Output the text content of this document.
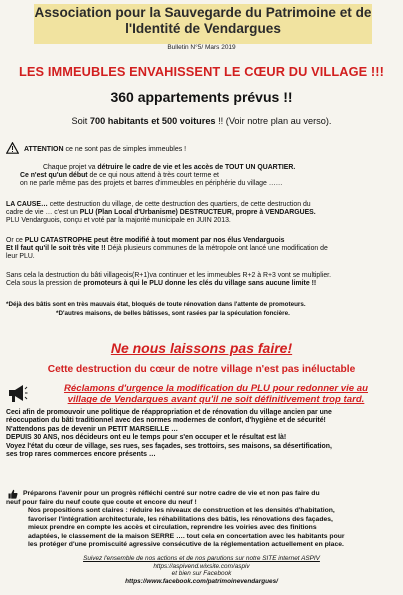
Association pour la Sauvegarde du Patrimoine et de
l'Identité de Vendargues
Bulletin N°5/ Mars 2019
LES IMMEUBLES ENVAHISSENT LE CŒUR DU VILLAGE !!!
360 appartements prévus !!
Soit 700 habitants et 500 voitures !! (Voir notre plan au verso).
ATTENTION ce ne sont pas de simples immeubles !
Chaque projet va détruire le cadre de vie et les accès de TOUT UN QUARTIER.
Ce n'est qu'un début de ce qui nous attend à très court terme et
on ne parle même pas des projets et barres d'immeubles en périphérie du village ……
LA CAUSE… cette destruction du village, de cette destruction des quartiers, de cette destruction du
cadre de vie … c'est un PLU (Plan Local d'Urbanisme) DESTRUCTEUR, propre à VENDARGUES.
PLU Vendarguois, conçu et voté par la majorité municipale en JUIN 2013.
Or ce PLU CATASTROPHE peut être modifié à tout moment par nos élus Vendarguois
Et Il faut qu'il le soit très vite !! Déjà plusieurs communes de la métropole ont lancé une modification de
leur PLU.
Sans cela la destruction du bâti villageois(R+1)va continuer et les immeubles R+2 à R+3 vont se multiplier.
Cela sous la pression de promoteurs à qui le PLU donne les clés du village sans aucune limite !!
*Déjà des bâtis sont en très mauvais état, bloqués de toute rénovation dans l'attente de promoteurs.
*D'autres maisons, de belles bâtisses, sont rasées par la spéculation foncière.
Ne nous laissons pas faire!
Cette destruction du cœur de notre village n'est pas inéluctable
Réclamons d'urgence la modification du PLU pour redonner vie au
village de Vendargues avant qu'il ne soit définitivement trop tard.
Ceci afin de promouvoir une politique de réappropriation et de rénovation du village ancien par une
réoccupation du bâti traditionnel avec des normes modernes de confort, d'hygiène et de sécurité!
N'attendons pas de devenir un PETIT MARSEILLE …
DEPUIS 30 ANS, nos décideurs ont eu le temps pour s'en occuper et le résultat est là!
Voyez l'état du cœur de village, ses rues, ses façades, ses trottoirs, ses maisons, sa désertification,
ses trop rares commerces encore présents …
Préparons l'avenir pour un progrès réfléchi centré sur notre cadre de vie et non pas faire du
neuf pour faire du neuf coute que coute et encore du neuf !
Nos propositions sont claires : réduire les niveaux de construction et les densités d'habitation,
favoriser l'intégration architecturale, les réhabilitations des bâtis, les rénovations des façades,
mieux prendre en compte les accès et circulation, reprendre les voiries avec des finitions
adaptées, le classement de la maison SERRE …. tout cela en concertation avec les habitants pour
les protéger d'une promiscuité agressive consécutive de la réglementation actuellement en place.
Suivez l'ensemble de nos actions et de nos parutions sur notre SITE internet ASPIV
https://aspivend.wixsite.com/aspiv
et bien sur Facebook
https://www.facebook.com/patrimoinevendargues/
